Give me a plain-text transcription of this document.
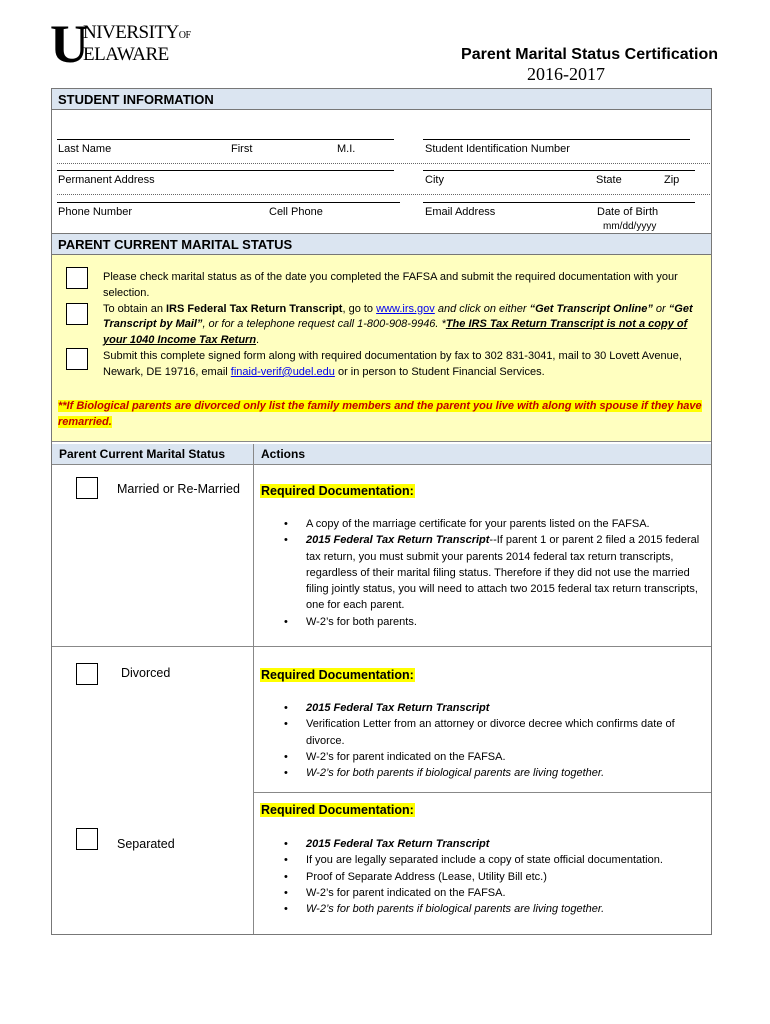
U NIVERSITYOF
ELAWARE	Parent Marital Status Certification
2016-2017
STUDENT INFORMATION
Last Name	First	M.I.	Student Identification Number
Permanent Address	City	State	Zip
Phone Number	Cell Phone	Email Address	Date of Birth
mm/dd/yyyy
PARENT CURRENT MARITAL STATUS
Please check marital status as of the date you completed the FAFSA and submit the required documentation with your selection.
To obtain an IRS Federal Tax Return Transcript, go to www.irs.gov and click on either “Get Transcript Online” or “Get Transcript by Mail”, or for a telephone request call 1-800-908-9946. *The IRS Tax Return Transcript is not a copy of your 1040 Income Tax Return.
Submit this complete signed form along with required documentation by fax to 302 831-3041, mail to 30 Lovett Avenue, Newark, DE 19716, email finaid-verif@udel.edu or in person to Student Financial Services.
**If Biological parents are divorced only list the family members and the parent you live with along with spouse if they have remarried.
Parent Current Marital Status	Actions
Married or Re-Married Required Documentation:
• A copy of the marriage certificate for your parents listed on the FAFSA.
• 2015 Federal Tax Return Transcript--If parent 1 or parent 2 filed a 2015 federal tax return, you must submit your parents 2014 federal tax return transcripts, regardless of their marital filing status. Therefore if they did not use the married filing jointly status, you will need to attach two 2015 federal tax return transcripts, one for each parent.
• W-2’s for both parents.
Divorced	Required Documentation:
• 2015 Federal Tax Return Transcript
• Verification Letter from an attorney or divorce decree which confirms date of divorce.
• W-2’s for parent indicated on the FAFSA.
• W-2’s for both parents if biological parents are living together.
Required Documentation:
Separated
•	2015 Federal Tax Return Transcript
• If you are legally separated include a copy of state official documentation.
• Proof of Separate Address (Lease, Utility Bill etc.)
• W-2’s for parent indicated on the FAFSA.
• W-2’s for both parents if biological parents are living together.
